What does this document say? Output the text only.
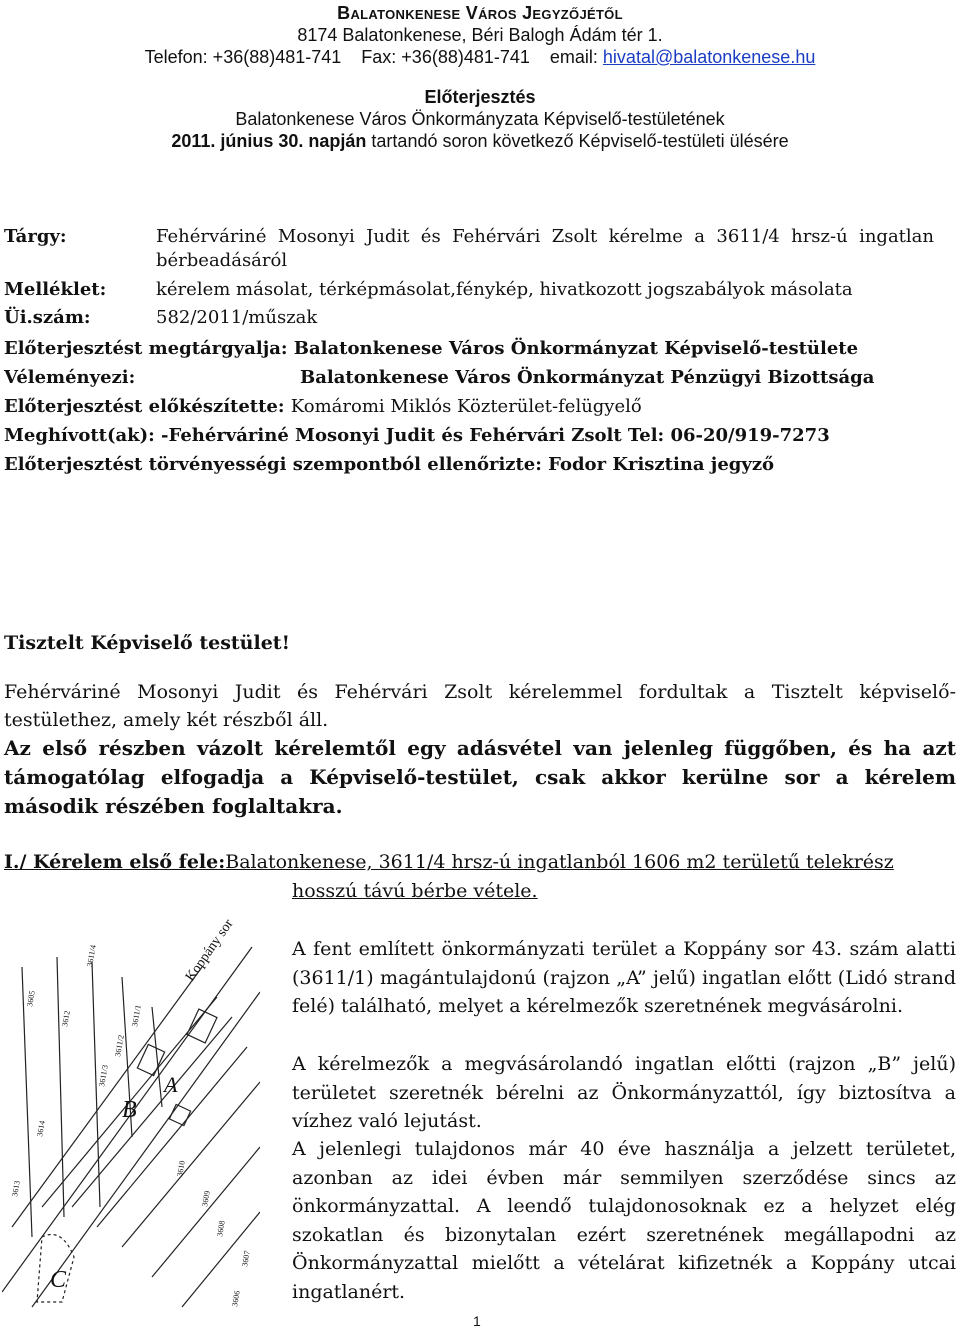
Balatonkenese Város Jegyzőjétől
8174 Balatonkenese, Béri Balogh Ádám tér 1.
Telefon: +36(88)481-741    Fax: +36(88)481-741    email: hivatal@balatonkenese.hu
Előterjesztés
Balatonkenese Város Önkormányzata Képviselő-testületének
2011. június 30. napján tartandó soron következő Képviselő-testületi ülésére
Tárgy:	Fehérváriné Mosonyi Judit és Fehérvári Zsolt kérelme a 3611/4 hrsz-ú ingatlan bérbeadásáról
Melléklet:	kérelem másolat, térképmásolat,fénykép, hivatkozott jogszabályok másolata
Üi.szám:	582/2011/műszak
Előterjesztést megtárgyalja: Balatonkenese Város Önkormányzat Képviselő-testülete
Véleményezi:	Balatonkenese Város Önkormányzat Pénzügyi Bizottsága
Előterjesztést előkészítette: Komáromi Miklós Közterület-felügyelő
Meghívott(ak): -Fehérváriné Mosonyi Judit és Fehérvári Zsolt Tel: 06-20/919-7273
Előterjesztést törvényességi szempontból ellenőrizte: Fodor Krisztina jegyző
Tisztelt Képviselő testület!
Fehérváriné Mosonyi Judit és Fehérvári Zsolt kérelemmel fordultak a Tisztelt képviselő-testülethez, amely két részből áll.
Az első részben vázolt kérelemtől egy adásvétel van jelenleg függőben, és ha azt támogatólag elfogadja a Képviselő-testület, csak akkor kerülne sor a kérelem második részében foglaltakra.
I./ Kérelem első fele:Balatonkenese, 3611/4 hrsz-ú ingatlanból 1606 m2 területű telekrész
hosszú távú bérbe vétele.
A fent említett önkormányzati terület a Koppány sor 43. szám alatti (3611/1) magántulajdonú (rajzon „A” jelű) ingatlan előtt (Lidó strand felé) található, melyet a kérelmezők szeretnének megvásárolni.
A kérelmezők a megvásárolandó ingatlan előtti (rajzon „B” jelű) területet szeretnék bérelni az Önkormányzattól, így biztosítva a vízhez való lejutást.
A jelenlegi tulajdonos már 40 éve használja a jelzett területet, azonban az idei évben már semmilyen szerződése sincs az önkormányzattal. A leendő tulajdonosoknak ez a helyzet elég szokatlan és bizonytalan ezért szeretnének megállapodni az Önkormányzattal mielőtt a vételárat kifizetnék a Koppány utcai ingatlanért.
A
B
C
Koppány sor
3611/4
3611/1
3611/2
3611/3
3610
3609
3608
3607
3606
3605
3612
3613
3614
1
